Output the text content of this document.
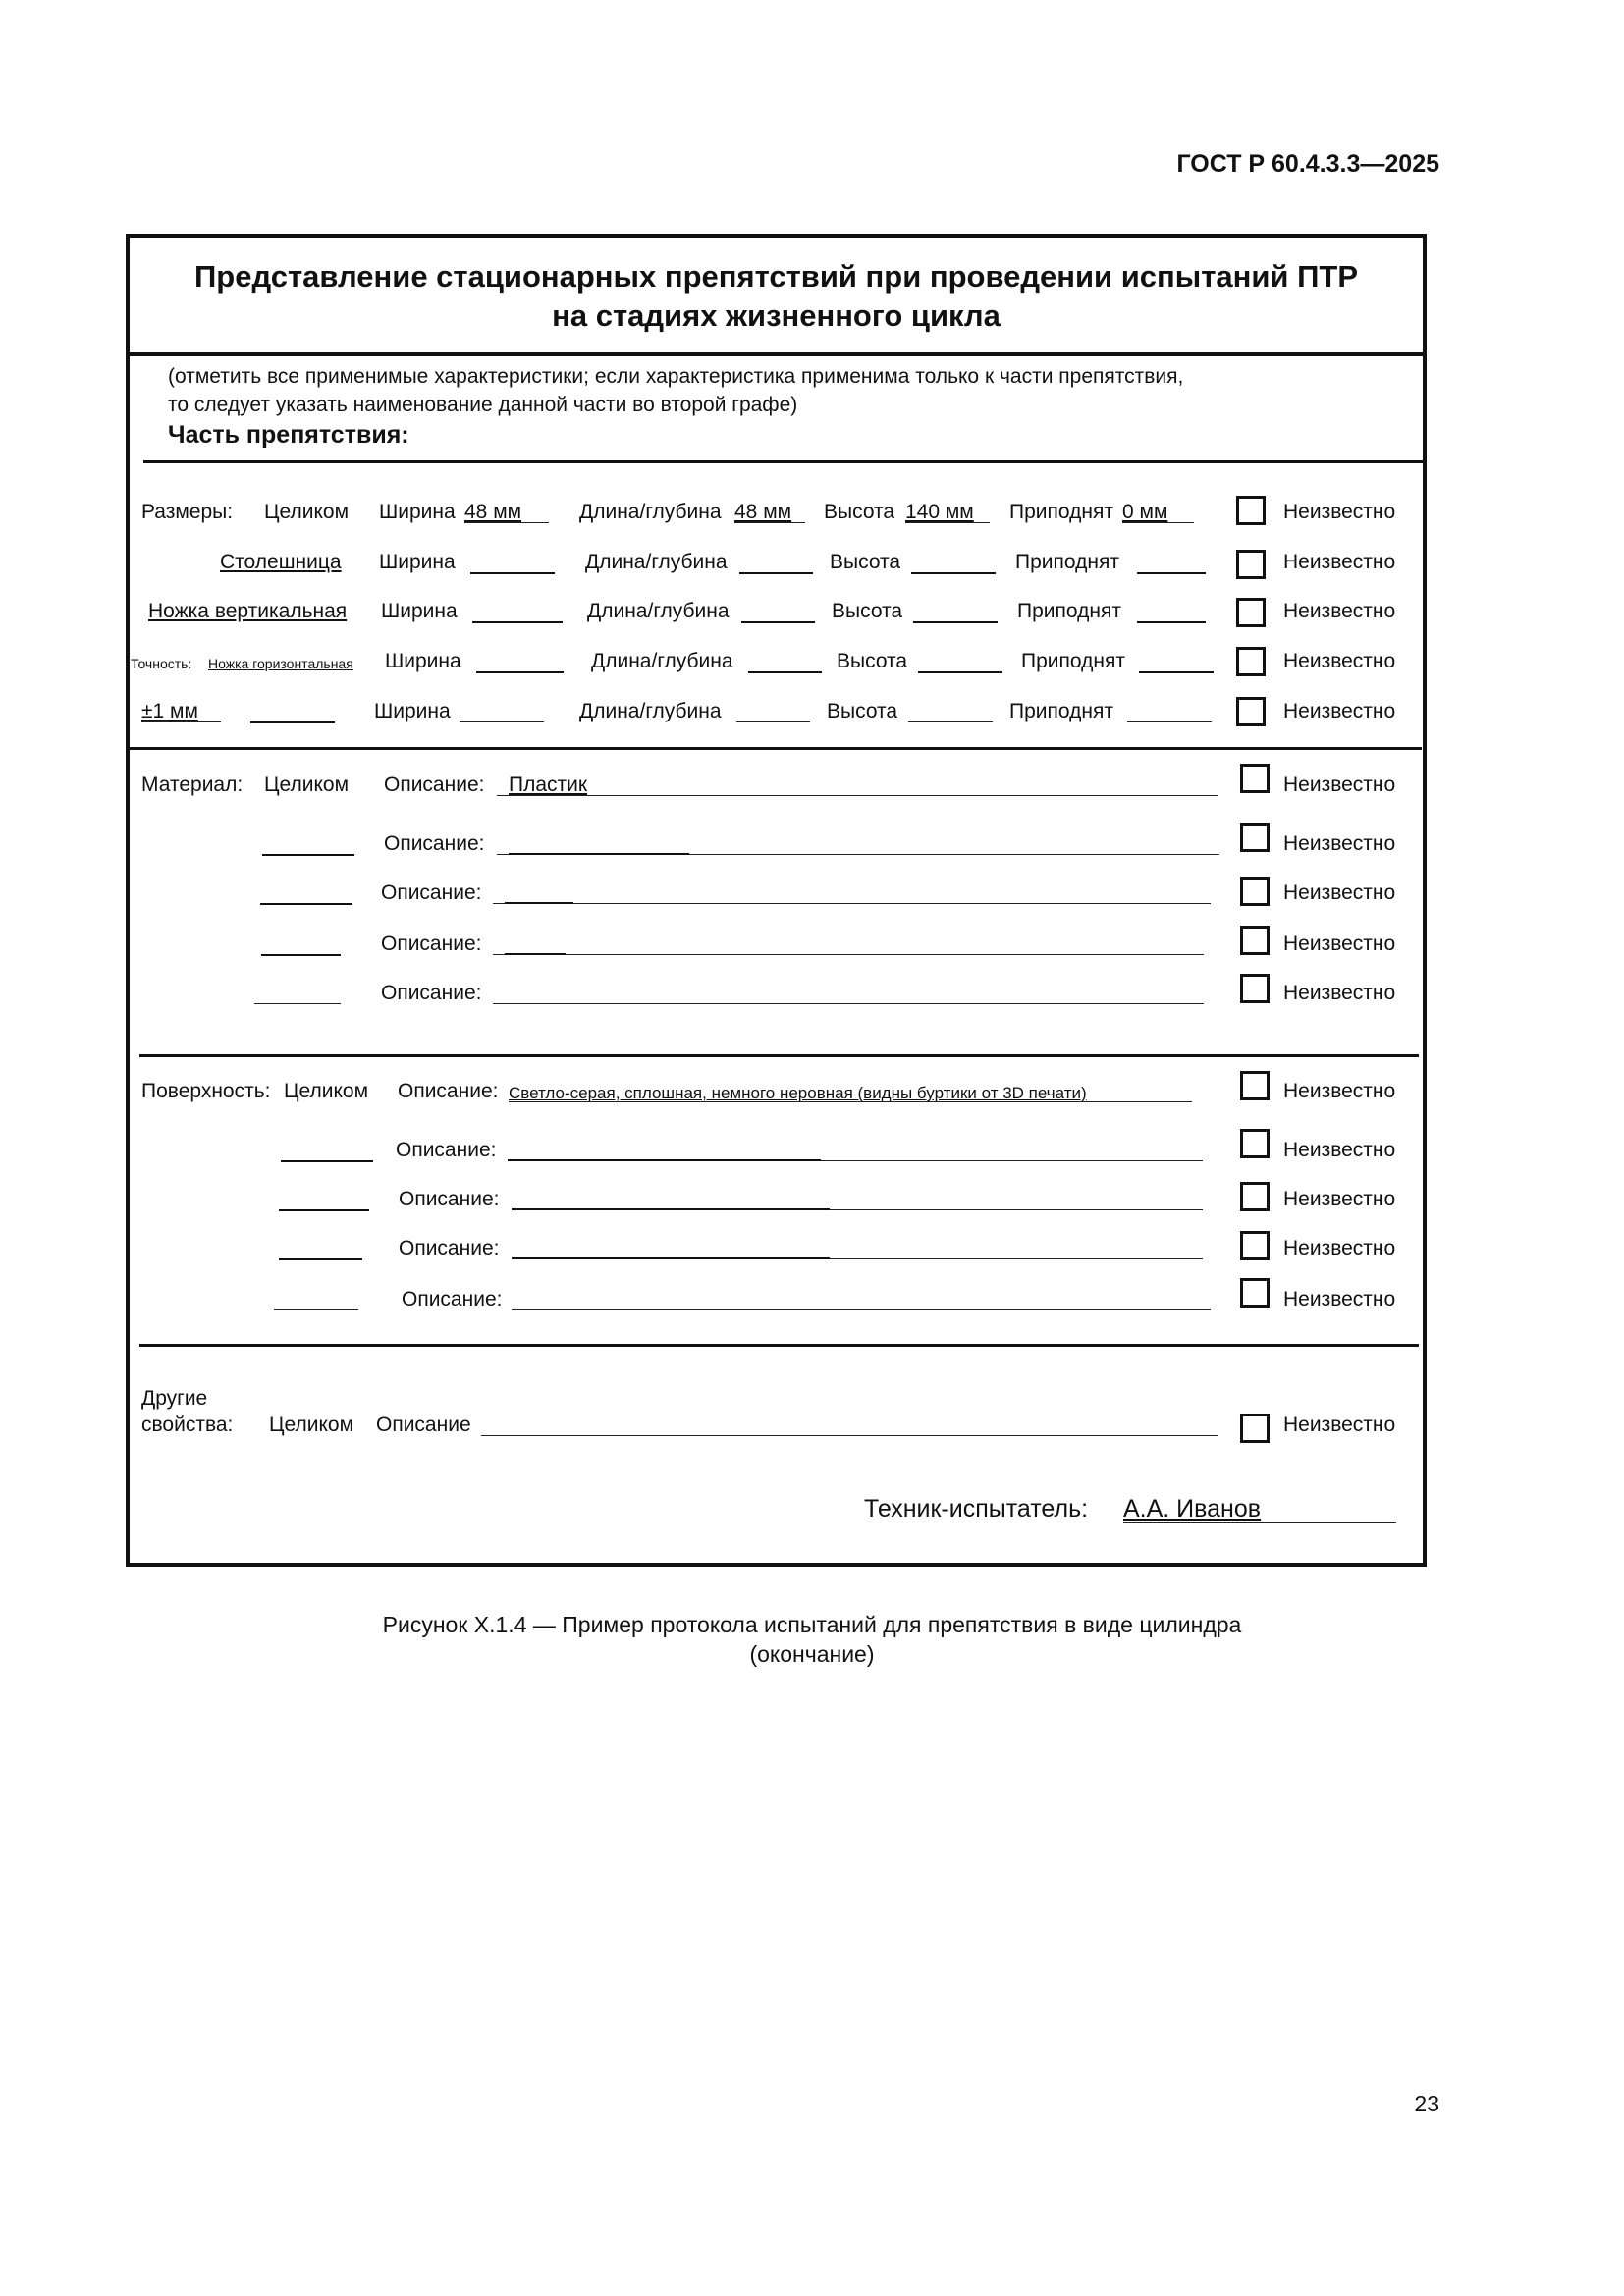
ГОСТ Р 60.4.3.3—2025
Представление стационарных препятствий при проведении испытаний ПТР
на стадиях жизненного цикла
(отметить все применимые характеристики; если характеристика применима только к части препятствия,
то следует указать наименование данной части во второй графе)
Часть препятствия:
Размеры: Целиком Ширина 48 мм	Длина/глубина 48 мм Высота 140 мм Приподнят 0 мм	Неизвестно
Столешница Ширина	Длина/глубина	Высота	Приподнят	Неизвестно
Ножка вертикальная Ширина	Длина/глубина	Высота	Приподнят	Неизвестно
Точность: Ножка горизонтальная Ширина	Длина/глубина	Высота	Приподнят	Неизвестно
±1 мм	Ширина	Длина/глубина	Высота	Приподнят	Неизвестно
Материал: Целиком Описание: Пластик	Неизвестно
Описание:	Неизвестно
Описание:	Неизвестно
Описание:	Неизвестно
Описание:	Неизвестно
Поверхность: Целиком Описание: Светло-серая, сплошная, немного неровная (видны буртики от 3D печати)	Неизвестно
Описание:	Неизвестно
Описание:	Неизвестно
Описание:	Неизвестно
Описание:	Неизвестно
Другие
свойства: Целиком Описание	Неизвестно
Техник-испытатель: А.А. Иванов
Рисунок Х.1.4 — Пример протокола испытаний для препятствия в виде цилиндра
(окончание)
23
